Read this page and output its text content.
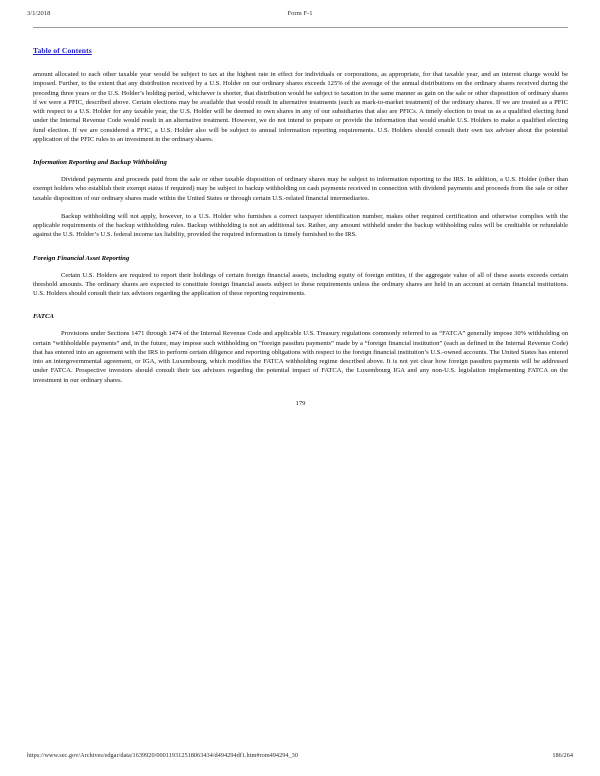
3/1/2018	Form F-1
Table of Contents

amount allocated to each other taxable year would be subject to tax at the highest rate in effect for individuals or corporations, as appropriate, for that taxable year, and an interest charge would be imposed. Further, to the extent that any distribution received by a U.S. Holder on our ordinary shares exceeds 125% of the average of the annual distributions on the ordinary shares received during the preceding three years or the U.S. Holder’s holding period, whichever is shorter, that distribution would be subject to taxation in the same manner as gain on the sale or other disposition of ordinary shares if we were a PFIC, described above. Certain elections may be available that would result in alternative treatments (such as mark-to-market treatment) of the ordinary shares. If we are treated as a PFIC with respect to a U.S. Holder for any taxable year, the U.S. Holder will be deemed to own shares in any of our subsidiaries that also are PFICs. A timely election to treat us as a qualified electing fund under the Internal Revenue Code would result in an alternative treatment. However, we do not intend to prepare or provide the information that would enable U.S. Holders to make a qualified electing fund election. If we are considered a PFIC, a U.S. Holder also will be subject to annual information reporting requirements. U.S. Holders should consult their own tax adviser about the potential application of the PFIC rules to an investment in the ordinary shares.

Information Reporting and Backup Withholding

Dividend payments and proceeds paid from the sale or other taxable disposition of ordinary shares may be subject to information reporting to the IRS. In addition, a U.S. Holder (other than exempt holders who establish their exempt status if required) may be subject to backup withholding on cash payments received in connection with dividend payments and proceeds from the sale or other taxable disposition of our ordinary shares made within the United States or through certain U.S.-related financial intermediaries.

Backup withholding will not apply, however, to a U.S. Holder who furnishes a correct taxpayer identification number, makes other required certification and otherwise complies with the applicable requirements of the backup withholding rules. Backup withholding is not an additional tax. Rather, any amount withheld under the backup withholding rules will be creditable or refundable against the U.S. Holder’s U.S. federal income tax liability, provided the required information is timely furnished to the IRS.

Foreign Financial Asset Reporting

Certain U.S. Holders are required to report their holdings of certain foreign financial assets, including equity of foreign entities, if the aggregate value of all of these assets exceeds certain threshold amounts. The ordinary shares are expected to constitute foreign financial assets subject to these requirements unless the ordinary shares are held in an account at certain financial institutions. U.S. Holders should consult their tax advisors regarding the application of these reporting requirements.

FATCA

Provisions under Sections 1471 through 1474 of the Internal Revenue Code and applicable U.S. Treasury regulations commonly referred to as “FATCA” generally impose 30% withholding on certain “withholdable payments” and, in the future, may impose such withholding on “foreign passthru payments” made by a “foreign financial institution” (each as defined in the Internal Revenue Code) that has entered into an agreement with the IRS to perform certain diligence and reporting obligations with respect to the foreign financial institution’s U.S.-owned accounts. The United States has entered into an intergovernmental agreement, or IGA, with Luxembourg, which modifies the FATCA withholding regime described above. It is not yet clear how foreign passthru payments will be addressed under FATCA. Prospective investors should consult their tax advisors regarding the potential impact of FATCA, the Luxembourg IGA and any non-U.S. legislation implementing FATCA on the investment in our ordinary shares.

179
https://www.sec.gov/Archives/edgar/data/1639920/000119312518063434/d494294df1.htm#rom494294_30	186/264
